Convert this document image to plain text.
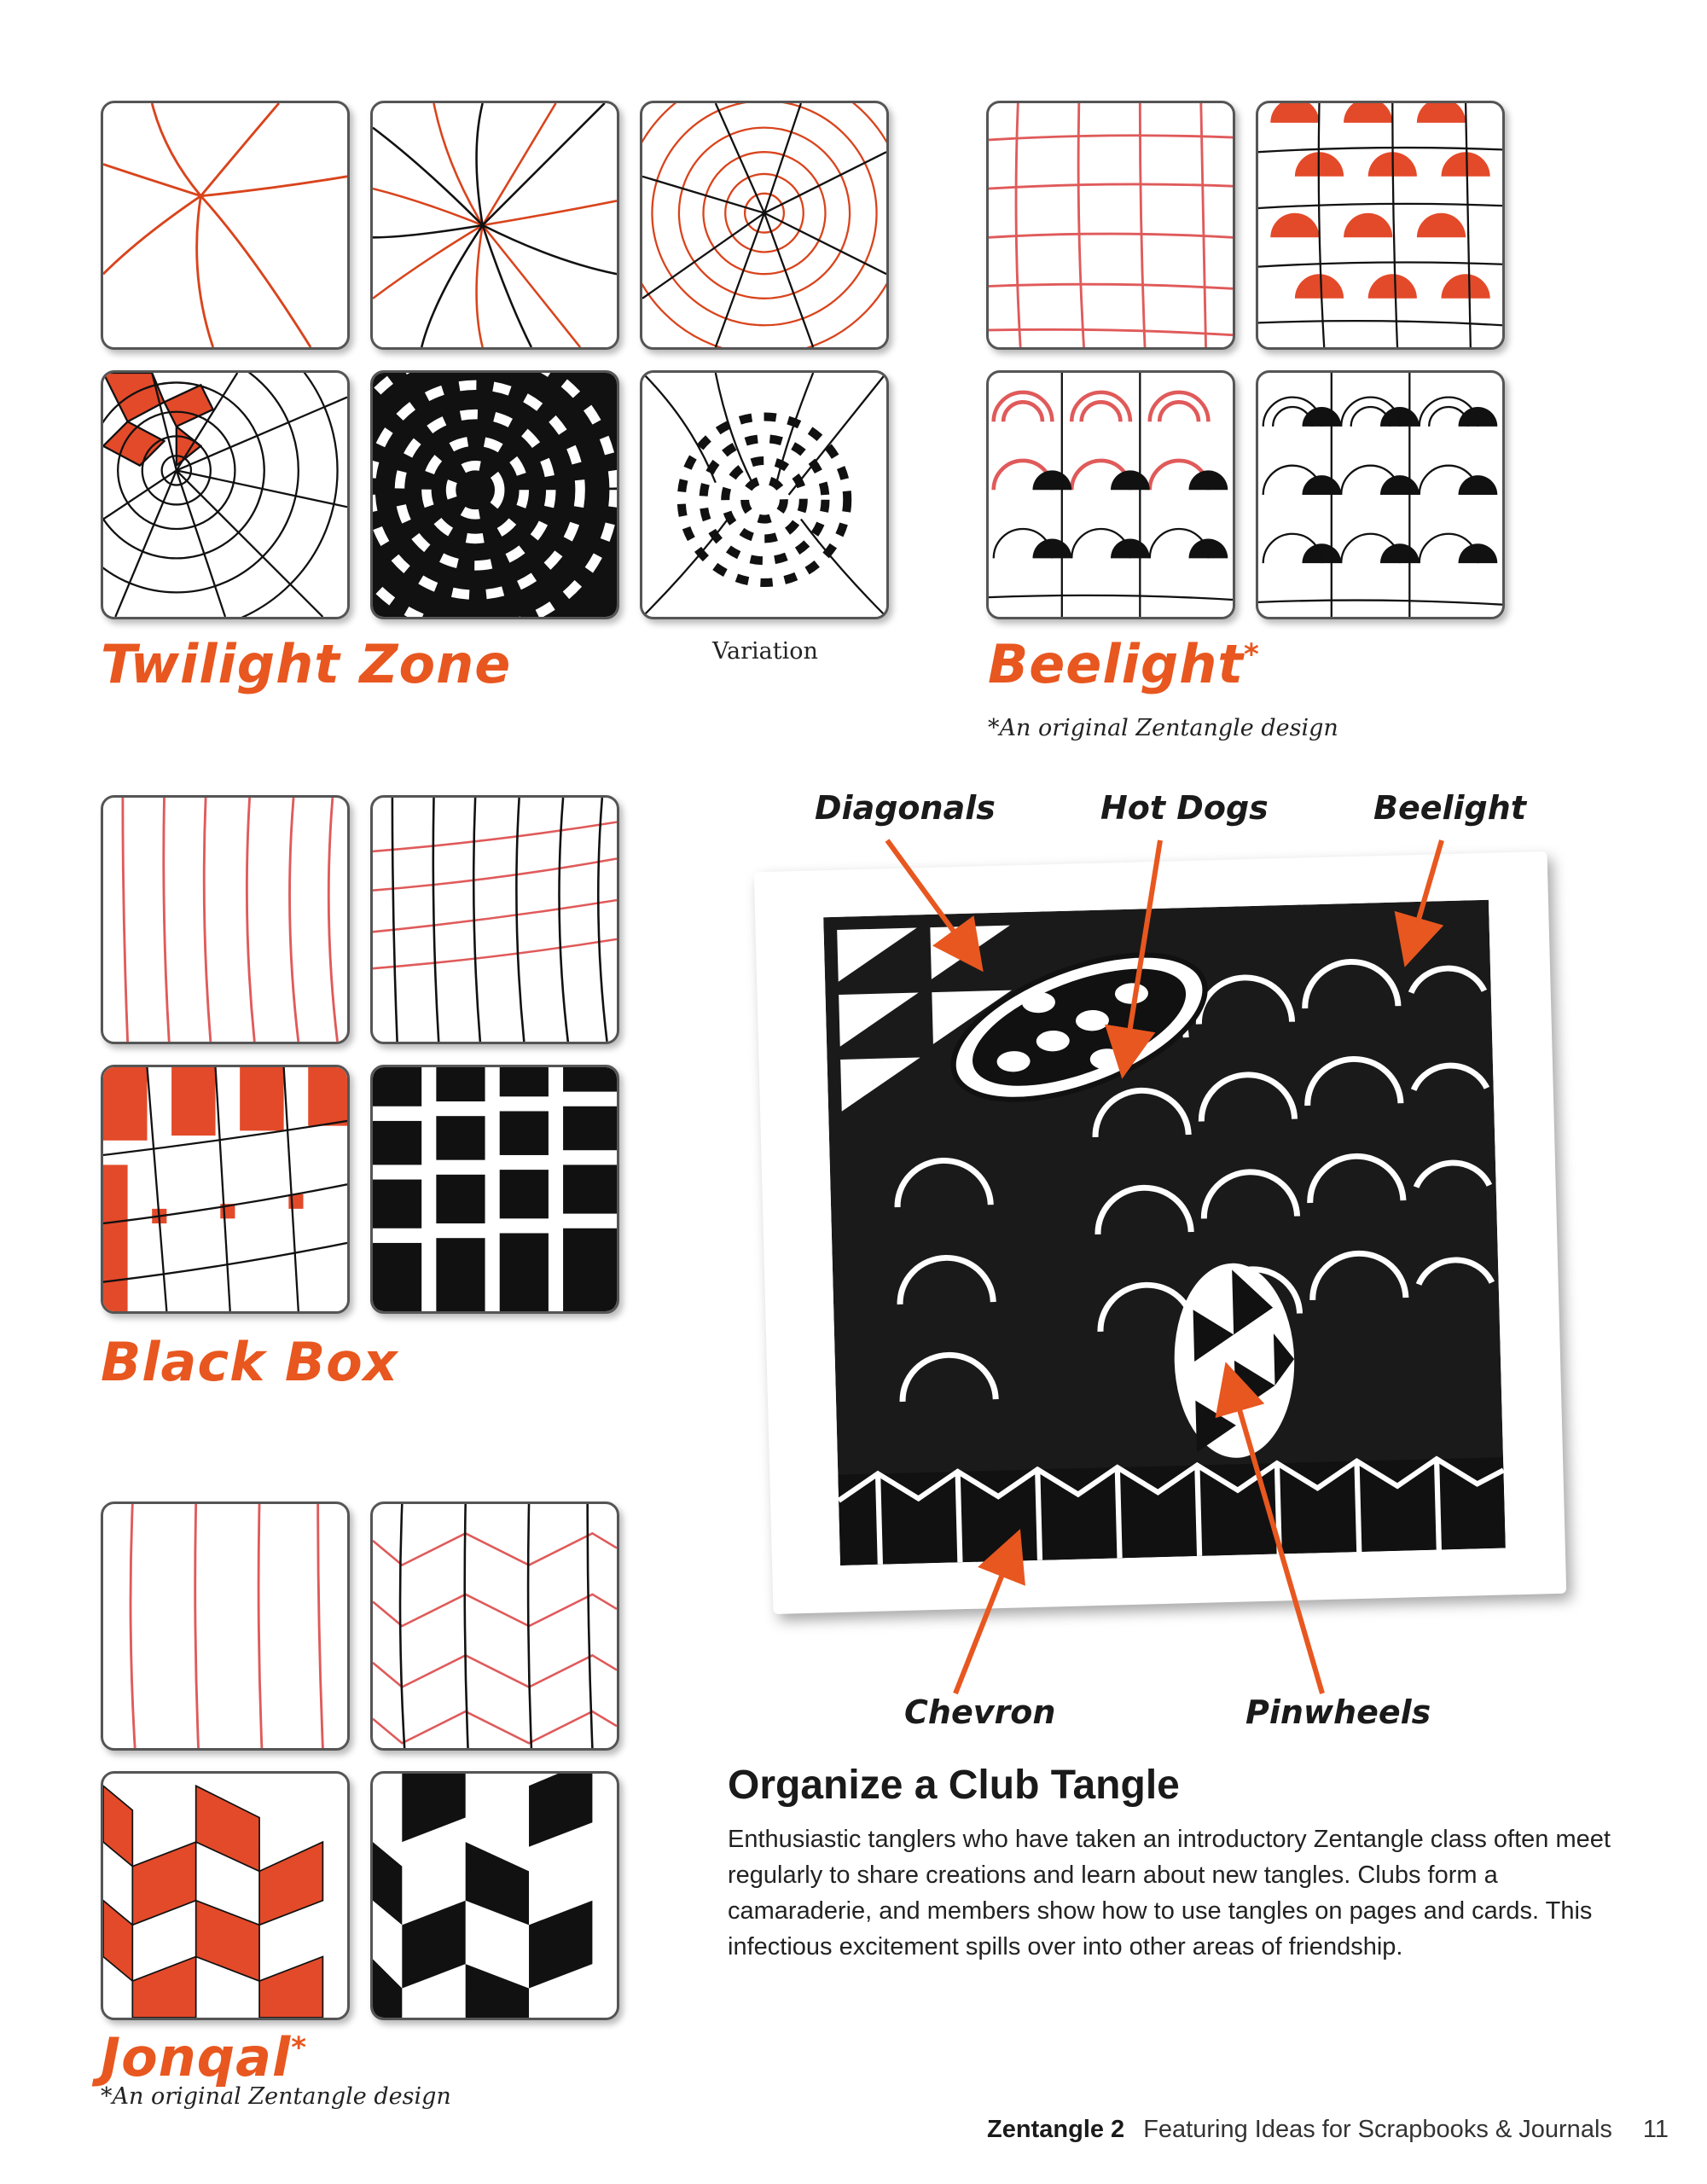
Twilight Zone	Variation	Beelight*
*An original Zentangle design
Black Box
Jonqal*
*An original Zentangle design
Diagonals	Hot Dogs	Beelight
Chevron	Pinwheels
Organize a Club Tangle
Enthusiastic tanglers who have taken an introductory Zentangle class often meet regularly to share creations and learn about new tangles. Clubs form a camaraderie, and members show how to use tangles on pages and cards. This infectious excitement spills over into other areas of friendship.
Zentangle 2 Featuring Ideas for Scrapbooks & Journals 11
